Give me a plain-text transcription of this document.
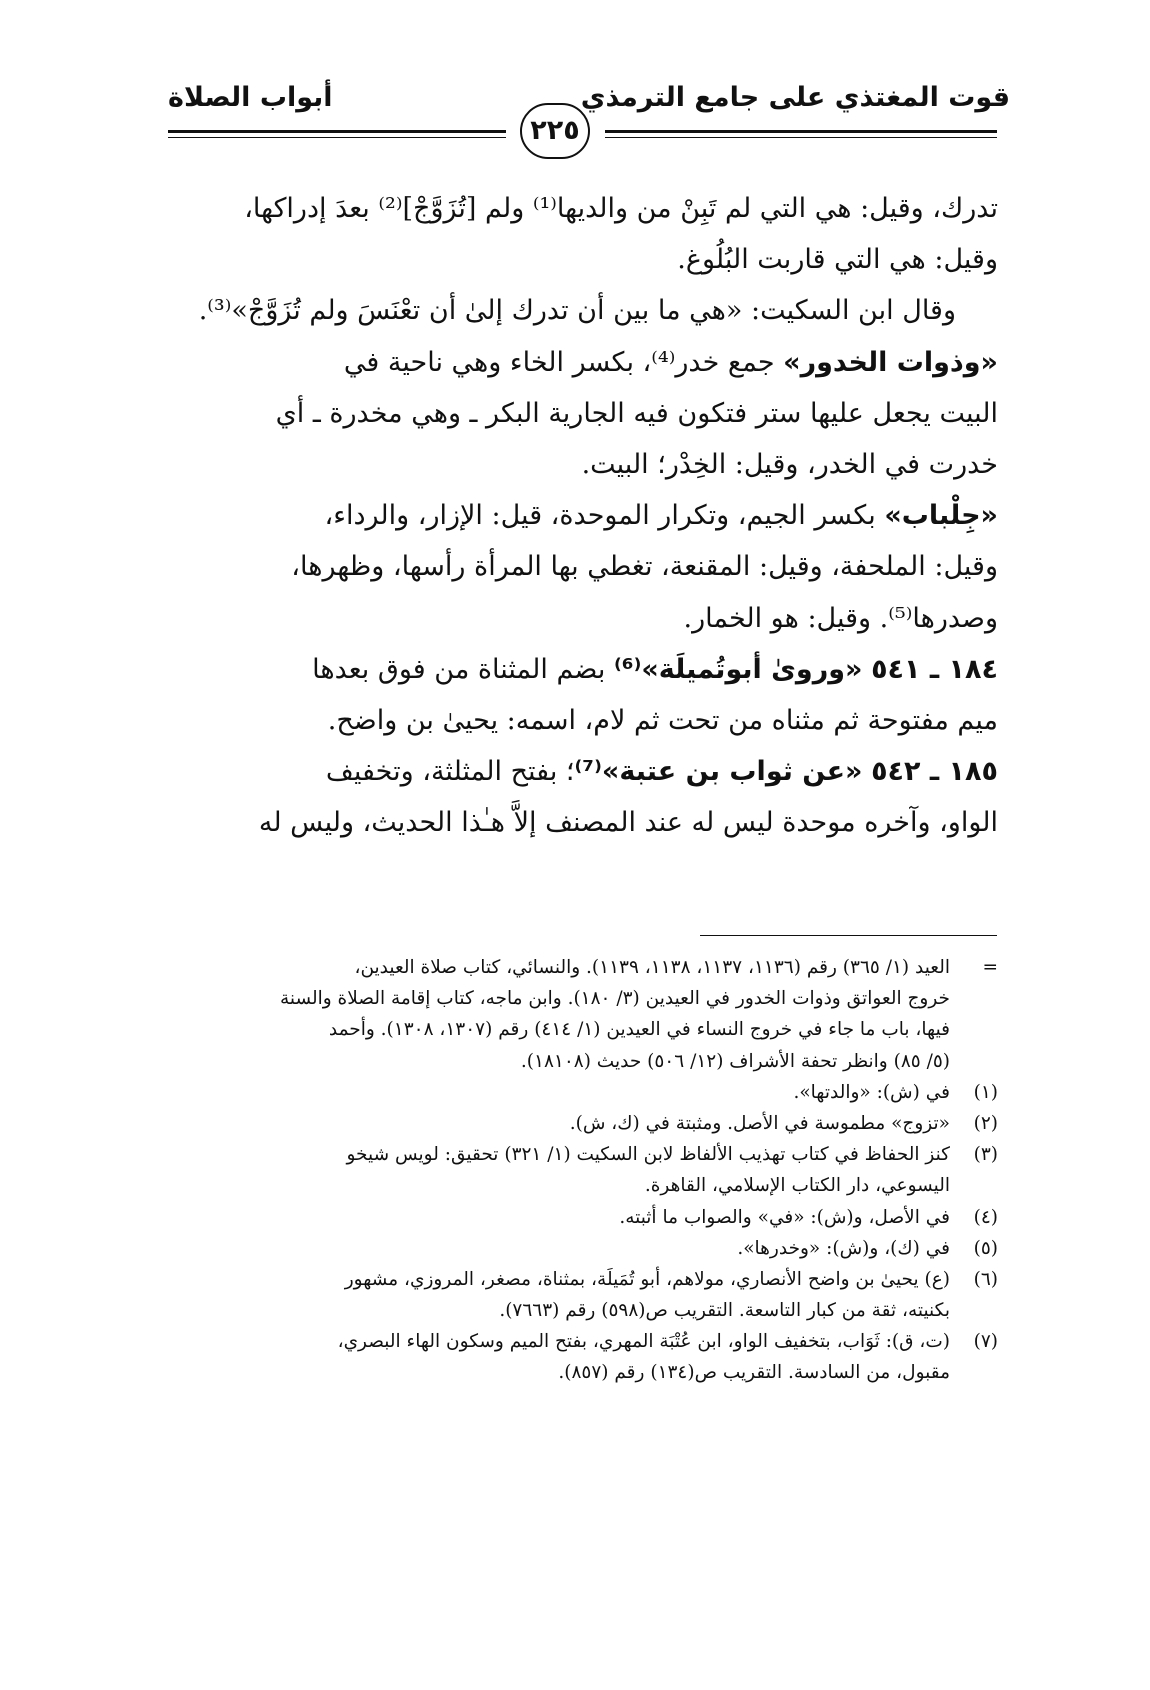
قوت المغتذي على جامع الترمذي
أبواب الصلاة
٢٢٥
تدرك، وقيل: هي التي لم تَبِنْ من والديها⁽¹⁾ ولم [تُزَوَّجْ]⁽²⁾ بعدَ إدراكها،
وقيل: هي التي قاربت البُلُوغ.
وقال ابن السكيت: «هي ما بين أن تدرك إلىٰ أن تعْنَسَ ولم تُزَوَّجْ»⁽³⁾.
«وذوات الخدور» جمع خدر⁽⁴⁾، بكسر الخاء وهي ناحية في
البيت يجعل عليها ستر فتكون فيه الجارية البكر ـ وهي مخدرة ـ أي
خدرت في الخدر، وقيل: الخِدْر؛ البيت.
«جِلْباب» بكسر الجيم، وتكرار الموحدة، قيل: الإزار، والرداء،
وقيل: الملحفة، وقيل: المقنعة، تغطي بها المرأة رأسها، وظهرها،
وصدرها⁽⁵⁾. وقيل: هو الخمار.
١٨٤ ـ ٥٤١ «وروىٰ أبوتُميلَة»⁽⁶⁾ بضم المثناة من فوق بعدها
ميم مفتوحة ثم مثناه من تحت ثم لام، اسمه: يحيىٰ بن واضح.
١٨٥ ـ ٥٤٢ «عن ثواب بن عتبة»⁽⁷⁾؛ بفتح المثلثة، وتخفيف
الواو، وآخره موحدة ليس له عند المصنف إلاَّ هـٰذا الحديث، وليس له
=
العيد (١/ ٣٦٥) رقم (١١٣٦، ١١٣٧، ١١٣٨، ١١٣٩). والنسائي، كتاب صلاة العيدين،
خروج العواتق وذوات الخدور في العيدين (٣/ ١٨٠). وابن ماجه، كتاب إقامة الصلاة والسنة
فيها، باب ما جاء في خروج النساء في العيدين (١/ ٤١٤) رقم (١٣٠٧، ١٣٠٨). وأحمد
(٥/ ٨٥) وانظر تحفة الأشراف (١٢/ ٥٠٦) حديث (١٨١٠٨).
(١)
في (ش): «والدتها».
(٢)
«تزوج» مطموسة في الأصل. ومثبتة في (ك، ش).
(٣)
كنز الحفاظ في كتاب تهذيب الألفاظ لابن السكيت (١/ ٣٢١) تحقيق: لويس شيخو
اليسوعي، دار الكتاب الإسلامي، القاهرة.
(٤)
في الأصل، و(ش): «في» والصواب ما أثبته.
(٥)
في (ك)، و(ش): «وخدرها».
(٦)
(ع) يحيىٰ بن واضح الأنصاري، مولاهم، أبو تُمَيلَة، بمثناة، مصغر، المروزي، مشهور
بكنيته، ثقة من كبار التاسعة. التقريب ص(٥٩٨) رقم (٧٦٦٣).
(٧)
(ت، ق): ثَوَاب، بتخفيف الواو، ابن عُتْبَة المهري، بفتح الميم وسكون الهاء البصري،
مقبول، من السادسة. التقريب ص(١٣٤) رقم (٨٥٧).
